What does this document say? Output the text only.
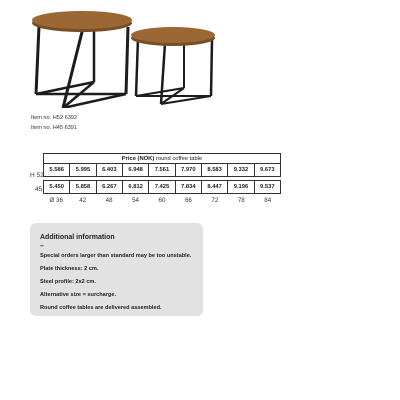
Item no. H52 6392
Item no. H45 6391
H 52
45
Price (NOK) round coffee table								
5.586	5.995	6.403	6.948	7.561	7.970	8.583	9.332	9.673

5.450	5.858	6.267	6.812	7.425	7.834	8.447	9.196	9.537
Ø 36	42	48	54	60	66	72	78	84
Additional information
–
Special orders larger than standard may be too unstable.
Plate thickness: 2 cm.
Steel profile: 2x2 cm.
Alternative size = surcharge.
Round coffee tables are delivered assembled.
